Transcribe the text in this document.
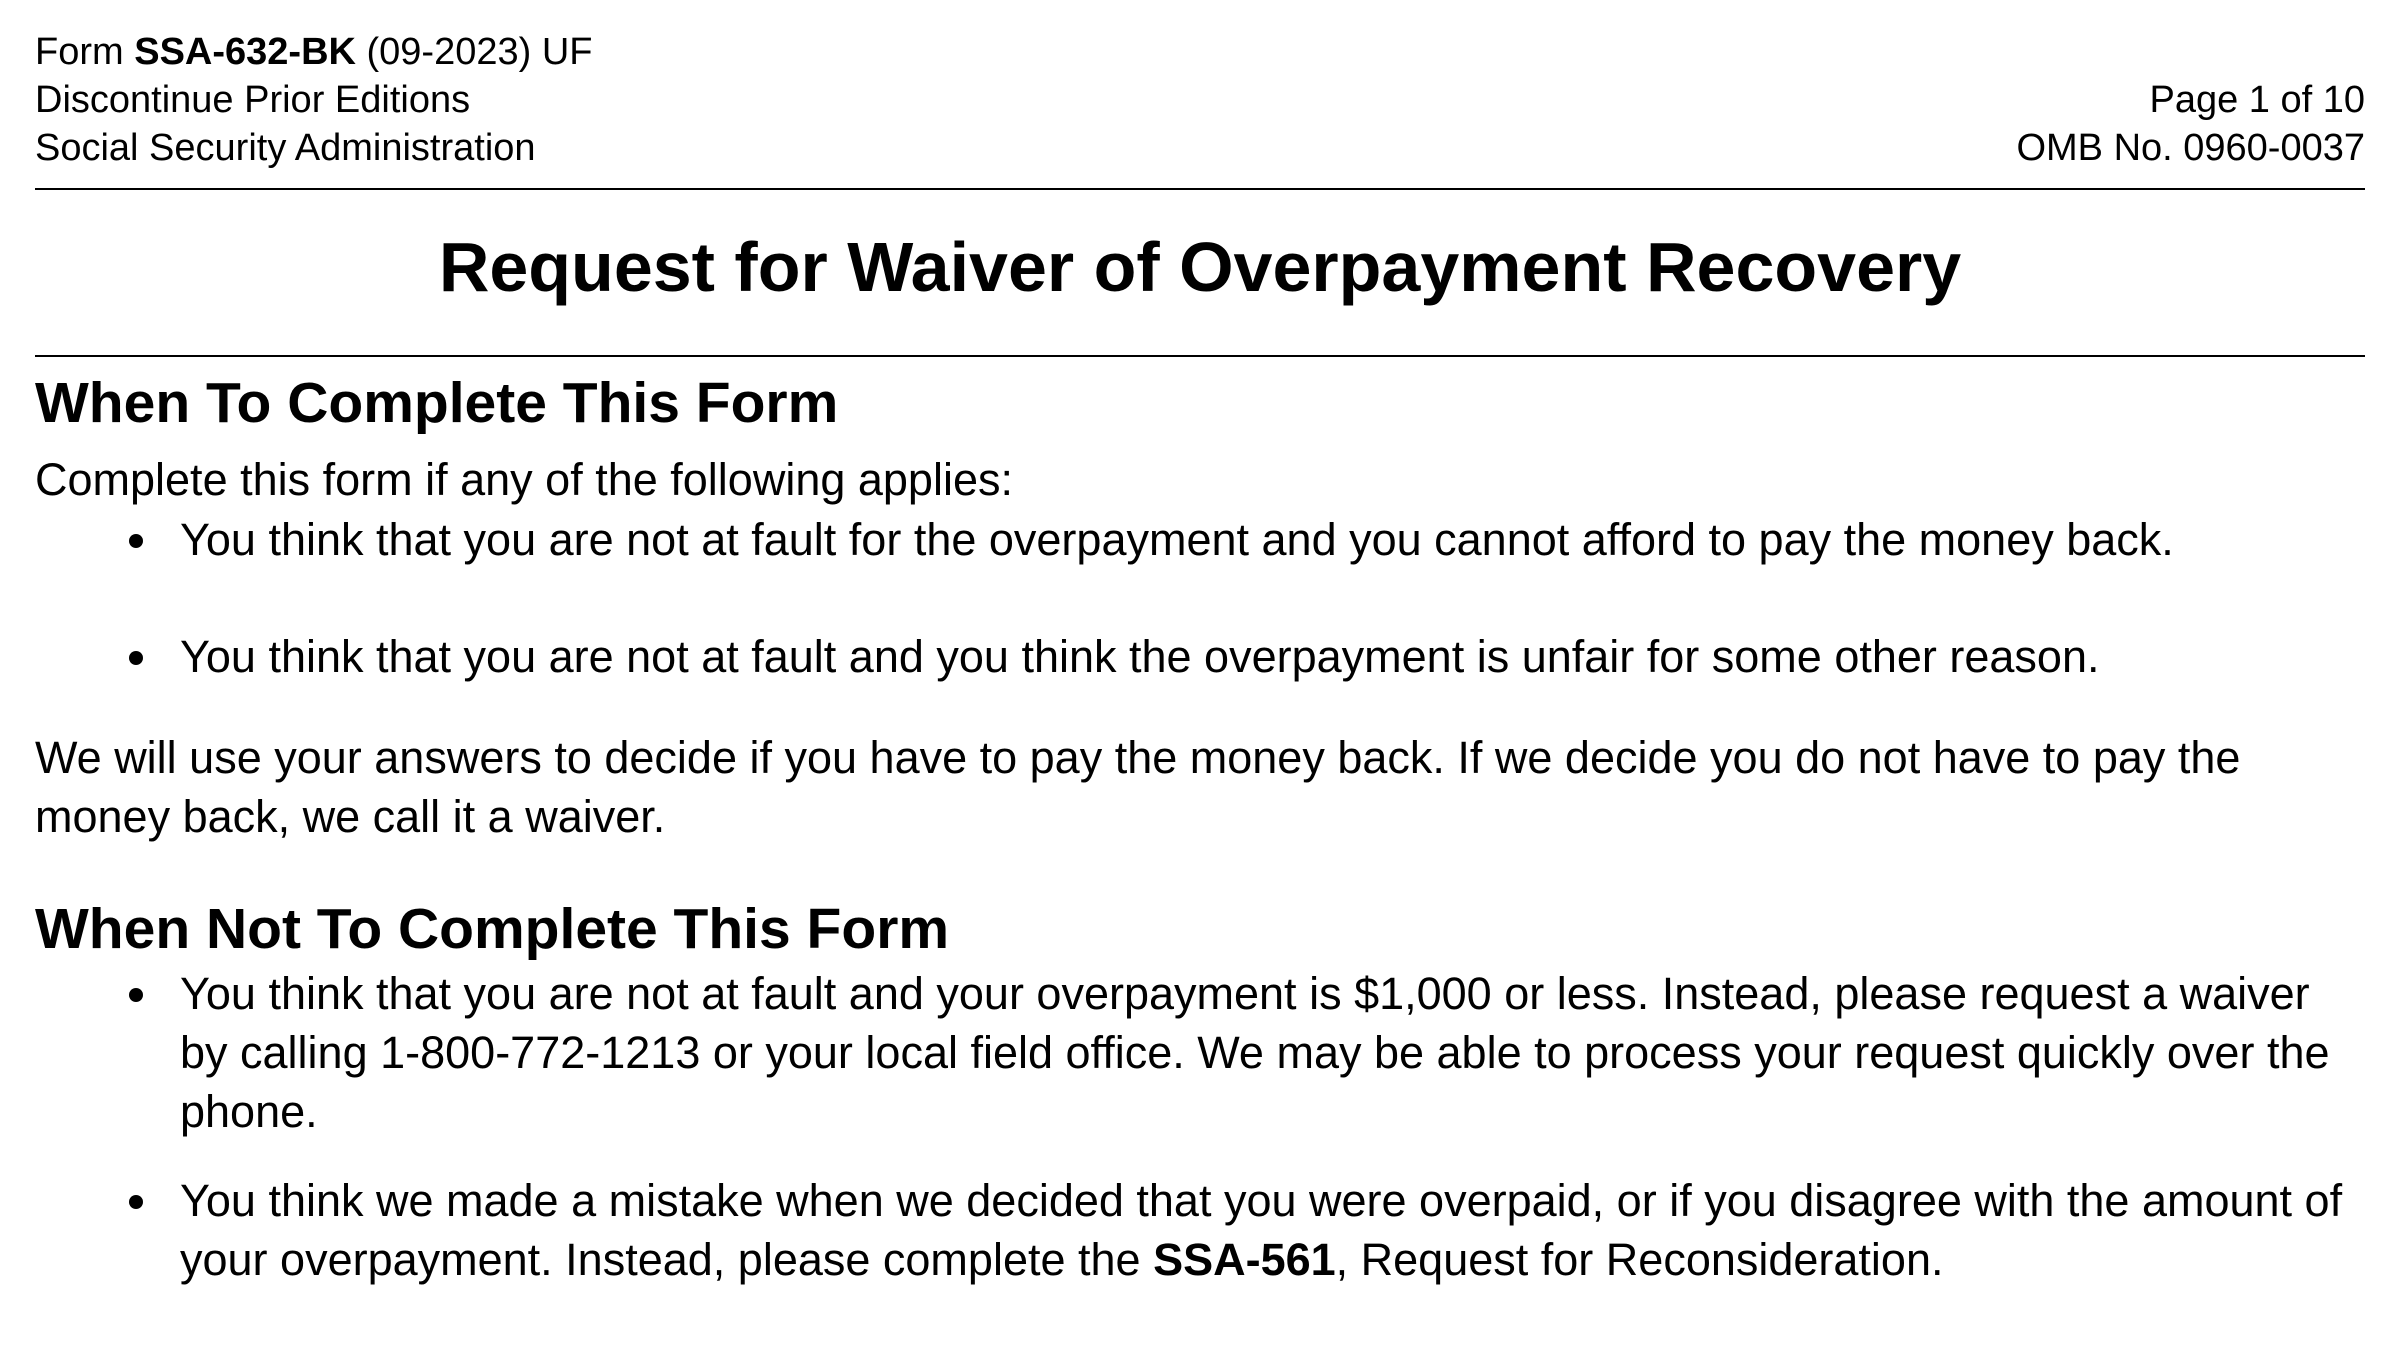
Form SSA-632-BK (09-2023) UF
Discontinue Prior Editions
Social Security Administration
Page 1 of 10
OMB No. 0960-0037
Request for Waiver of Overpayment Recovery
When To Complete This Form

Complete this form if any of the following applies:

You think that you are not at fault for the overpayment and you cannot afford to pay the money back.
You think that you are not at fault and you think the overpayment is unfair for some other reason.

We will use your answers to decide if you have to pay the money back. If we decide you do not have to pay the money back, we call it a waiver.

When Not To Complete This Form
You think that you are not at fault and your overpayment is $1,000 or less. Instead, please request a waiver by calling 1-800-772-1213 or your local field office. We may be able to process your request quickly over the phone.
You think we made a mistake when we decided that you were overpaid, or if you disagree with the amount of your overpayment. Instead, please complete the SSA-561, Request for Reconsideration.
